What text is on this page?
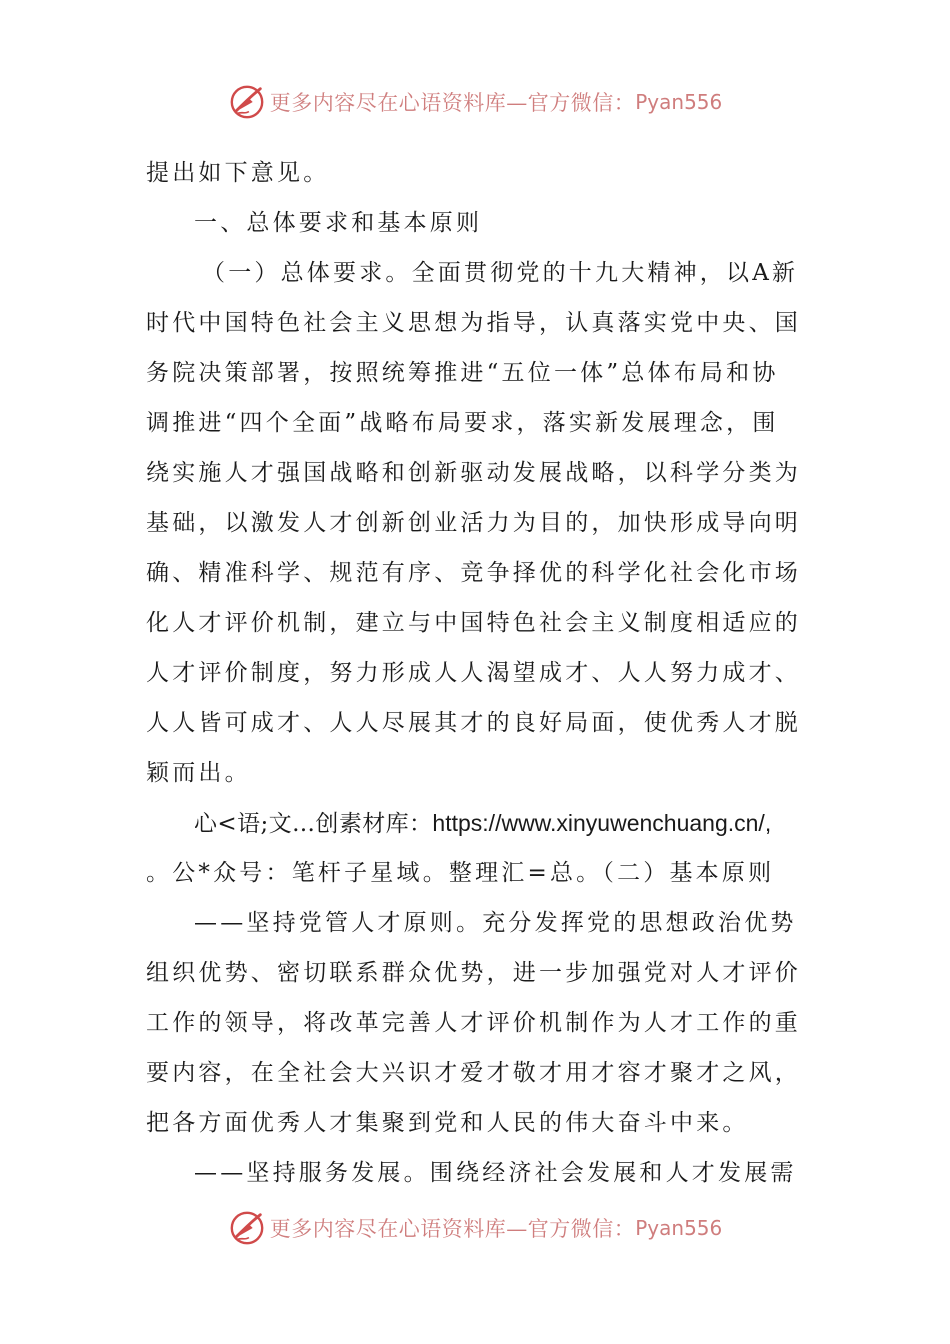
更多内容尽在心语资料库—官方微信： Pyan556
提出如下意见。
一、总体要求和基本原则
（一）总体要求。全面贯彻党的十九大精神，以A新
时代中国特色社会主义思想为指导，认真落实党中央、国
务院决策部署，按照统筹推进“五位一体”总体布局和协
调推进“四个全面”战略布局要求，落实新发展理念，围
绕实施人才强国战略和创新驱动发展战略，以科学分类为
基础，以激发人才创新创业活力为目的，加快形成导向明
确、精准科学、规范有序、竞争择优的科学化社会化市场
化人才评价机制，建立与中国特色社会主义制度相适应的
人才评价制度，努力形成人人渴望成才、人人努力成才、
人人皆可成才、人人尽展其才的良好局面，使优秀人才脱
颖而出。
心<语;文…创素材库：https://www.xinyuwenchuang.cn/,
。公*众号：笔杆子星域。整理汇=总。（二）基本原则
——坚持党管人才原则。充分发挥党的思想政治优势
组织优势、密切联系群众优势，进一步加强党对人才评价
工作的领导，将改革完善人才评价机制作为人才工作的重
要内容，在全社会大兴识才爱才敬才用才容才聚才之风，
把各方面优秀人才集聚到党和人民的伟大奋斗中来。
——坚持服务发展。围绕经济社会发展和人才发展需
更多内容尽在心语资料库—官方微信： Pyan556
